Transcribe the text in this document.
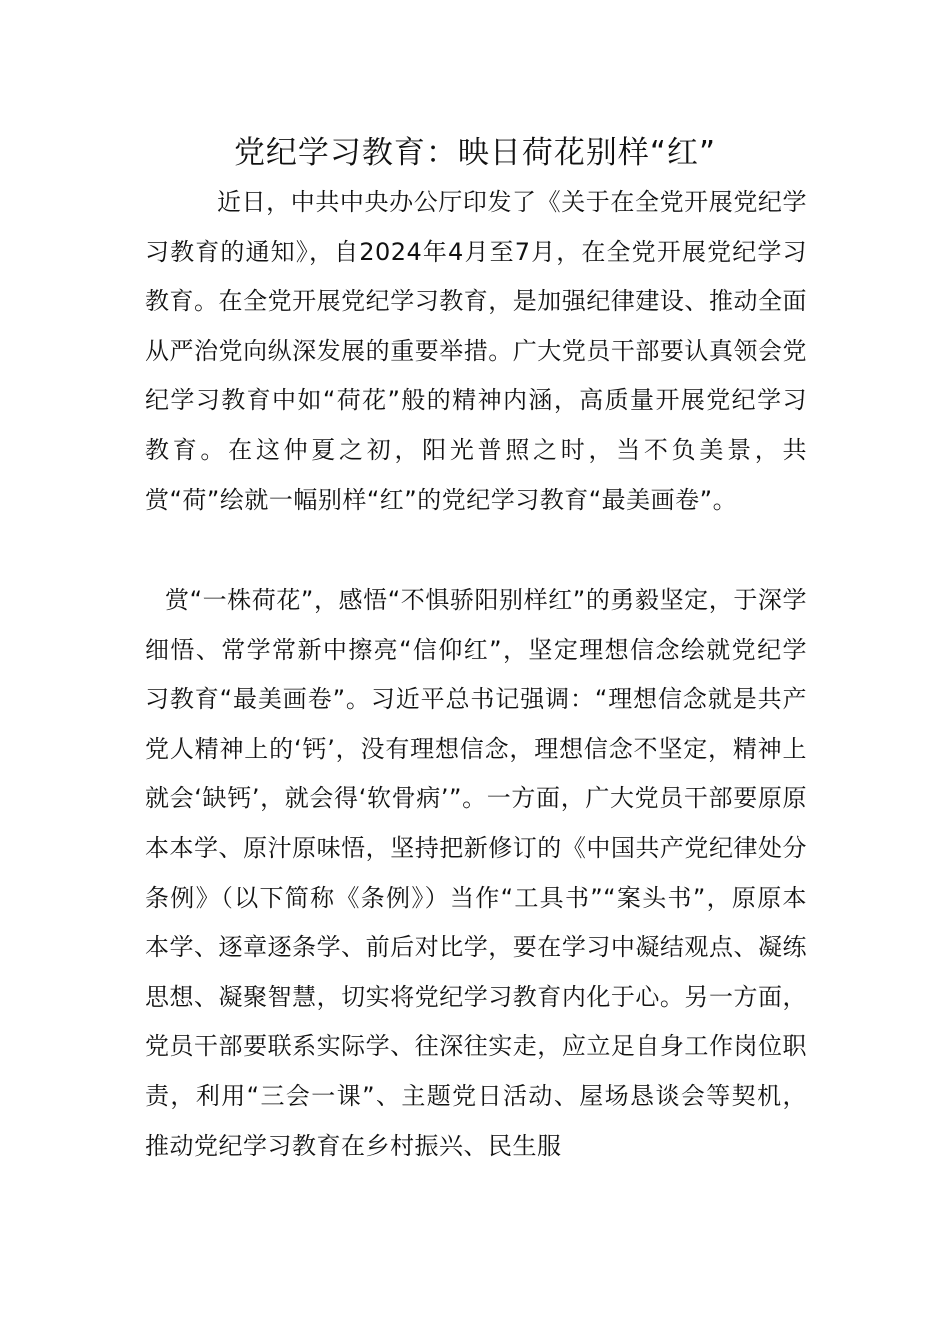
党纪学习教育：映日荷花别样“红”

近日，中共中央办公厅印发了《关于在全党开展党纪学习教育的通知》，自2024年4月至7月，在全党开展党纪学习教育。在全党开展党纪学习教育，是加强纪律建设、推动全面从严治党向纵深发展的重要举措。广大党员干部要认真领会党纪学习教育中如“荷花”般的精神内涵，高质量开展党纪学习教育。在这仲夏之初，阳光普照之时，当不负美景，共赏“荷”绘就一幅别样“红”的党纪学习教育“最美画卷”。

赏“一株荷花”，感悟“不惧骄阳别样红”的勇毅坚定，于深学细悟、常学常新中擦亮“信仰红”，坚定理想信念绘就党纪学习教育“最美画卷”。习近平总书记强调：“理想信念就是共产党人精神上的‘钙’，没有理想信念，理想信念不坚定，精神上就会‘缺钙’，就会得‘软骨病’”。一方面，广大党员干部要原原本本学、原汁原味悟，坚持把新修订的《中国共产党纪律处分条例》（以下简称《条例》）当作“工具书”“案头书”，原原本本学、逐章逐条学、前后对比学，要在学习中凝结观点、凝练思想、凝聚智慧，切实将党纪学习教育内化于心。另一方面，党员干部要联系实际学、往深往实走，应立足自身工作岗位职责，利用“三会一课”、主题党日活动、屋场恳谈会等契机，推动党纪学习教育在乡村振兴、民生服
